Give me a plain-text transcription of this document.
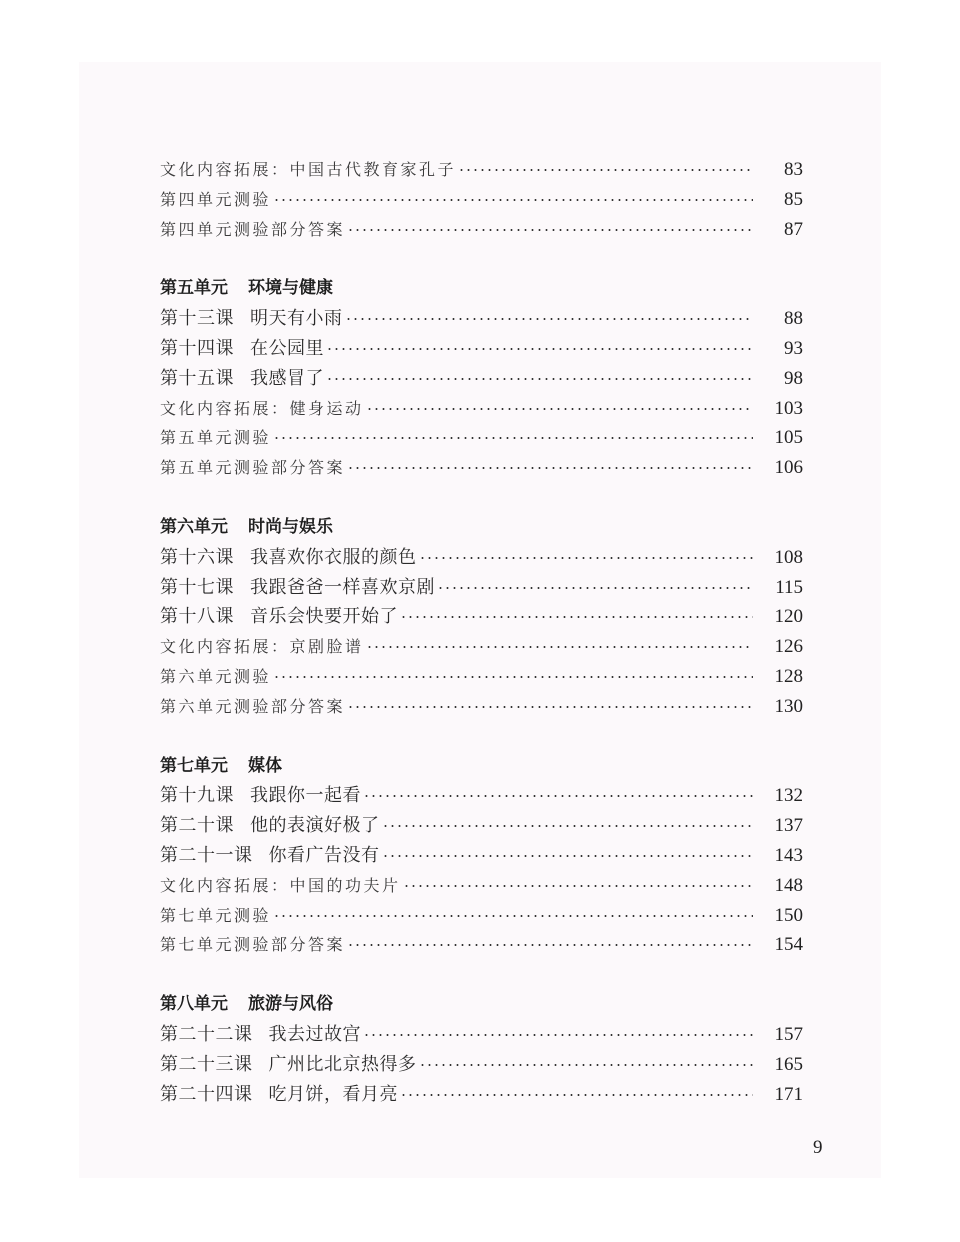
文化内容拓展：中国古代教育家孔子	83
第四单元测验	85
第四单元测验部分答案	87
第五单元 环境与健康
第十三课 明天有小雨	88
第十四课 在公园里	93
第十五课 我感冒了	98
文化内容拓展：健身运动	103
第五单元测验	105
第五单元测验部分答案	106
第六单元 时尚与娱乐
第十六课 我喜欢你衣服的颜色	108
第十七课 我跟爸爸一样喜欢京剧	115
第十八课 音乐会快要开始了	120
文化内容拓展：京剧脸谱	126
第六单元测验	128
第六单元测验部分答案	130
第七单元 媒体
第十九课 我跟你一起看	132
第二十课 他的表演好极了	137
第二十一课 你看广告没有	143
文化内容拓展：中国的功夫片	148
第七单元测验	150
第七单元测验部分答案	154
第八单元 旅游与风俗
第二十二课 我去过故宫	157
第二十三课 广州比北京热得多	165
第二十四课 吃月饼，看月亮	171
9
